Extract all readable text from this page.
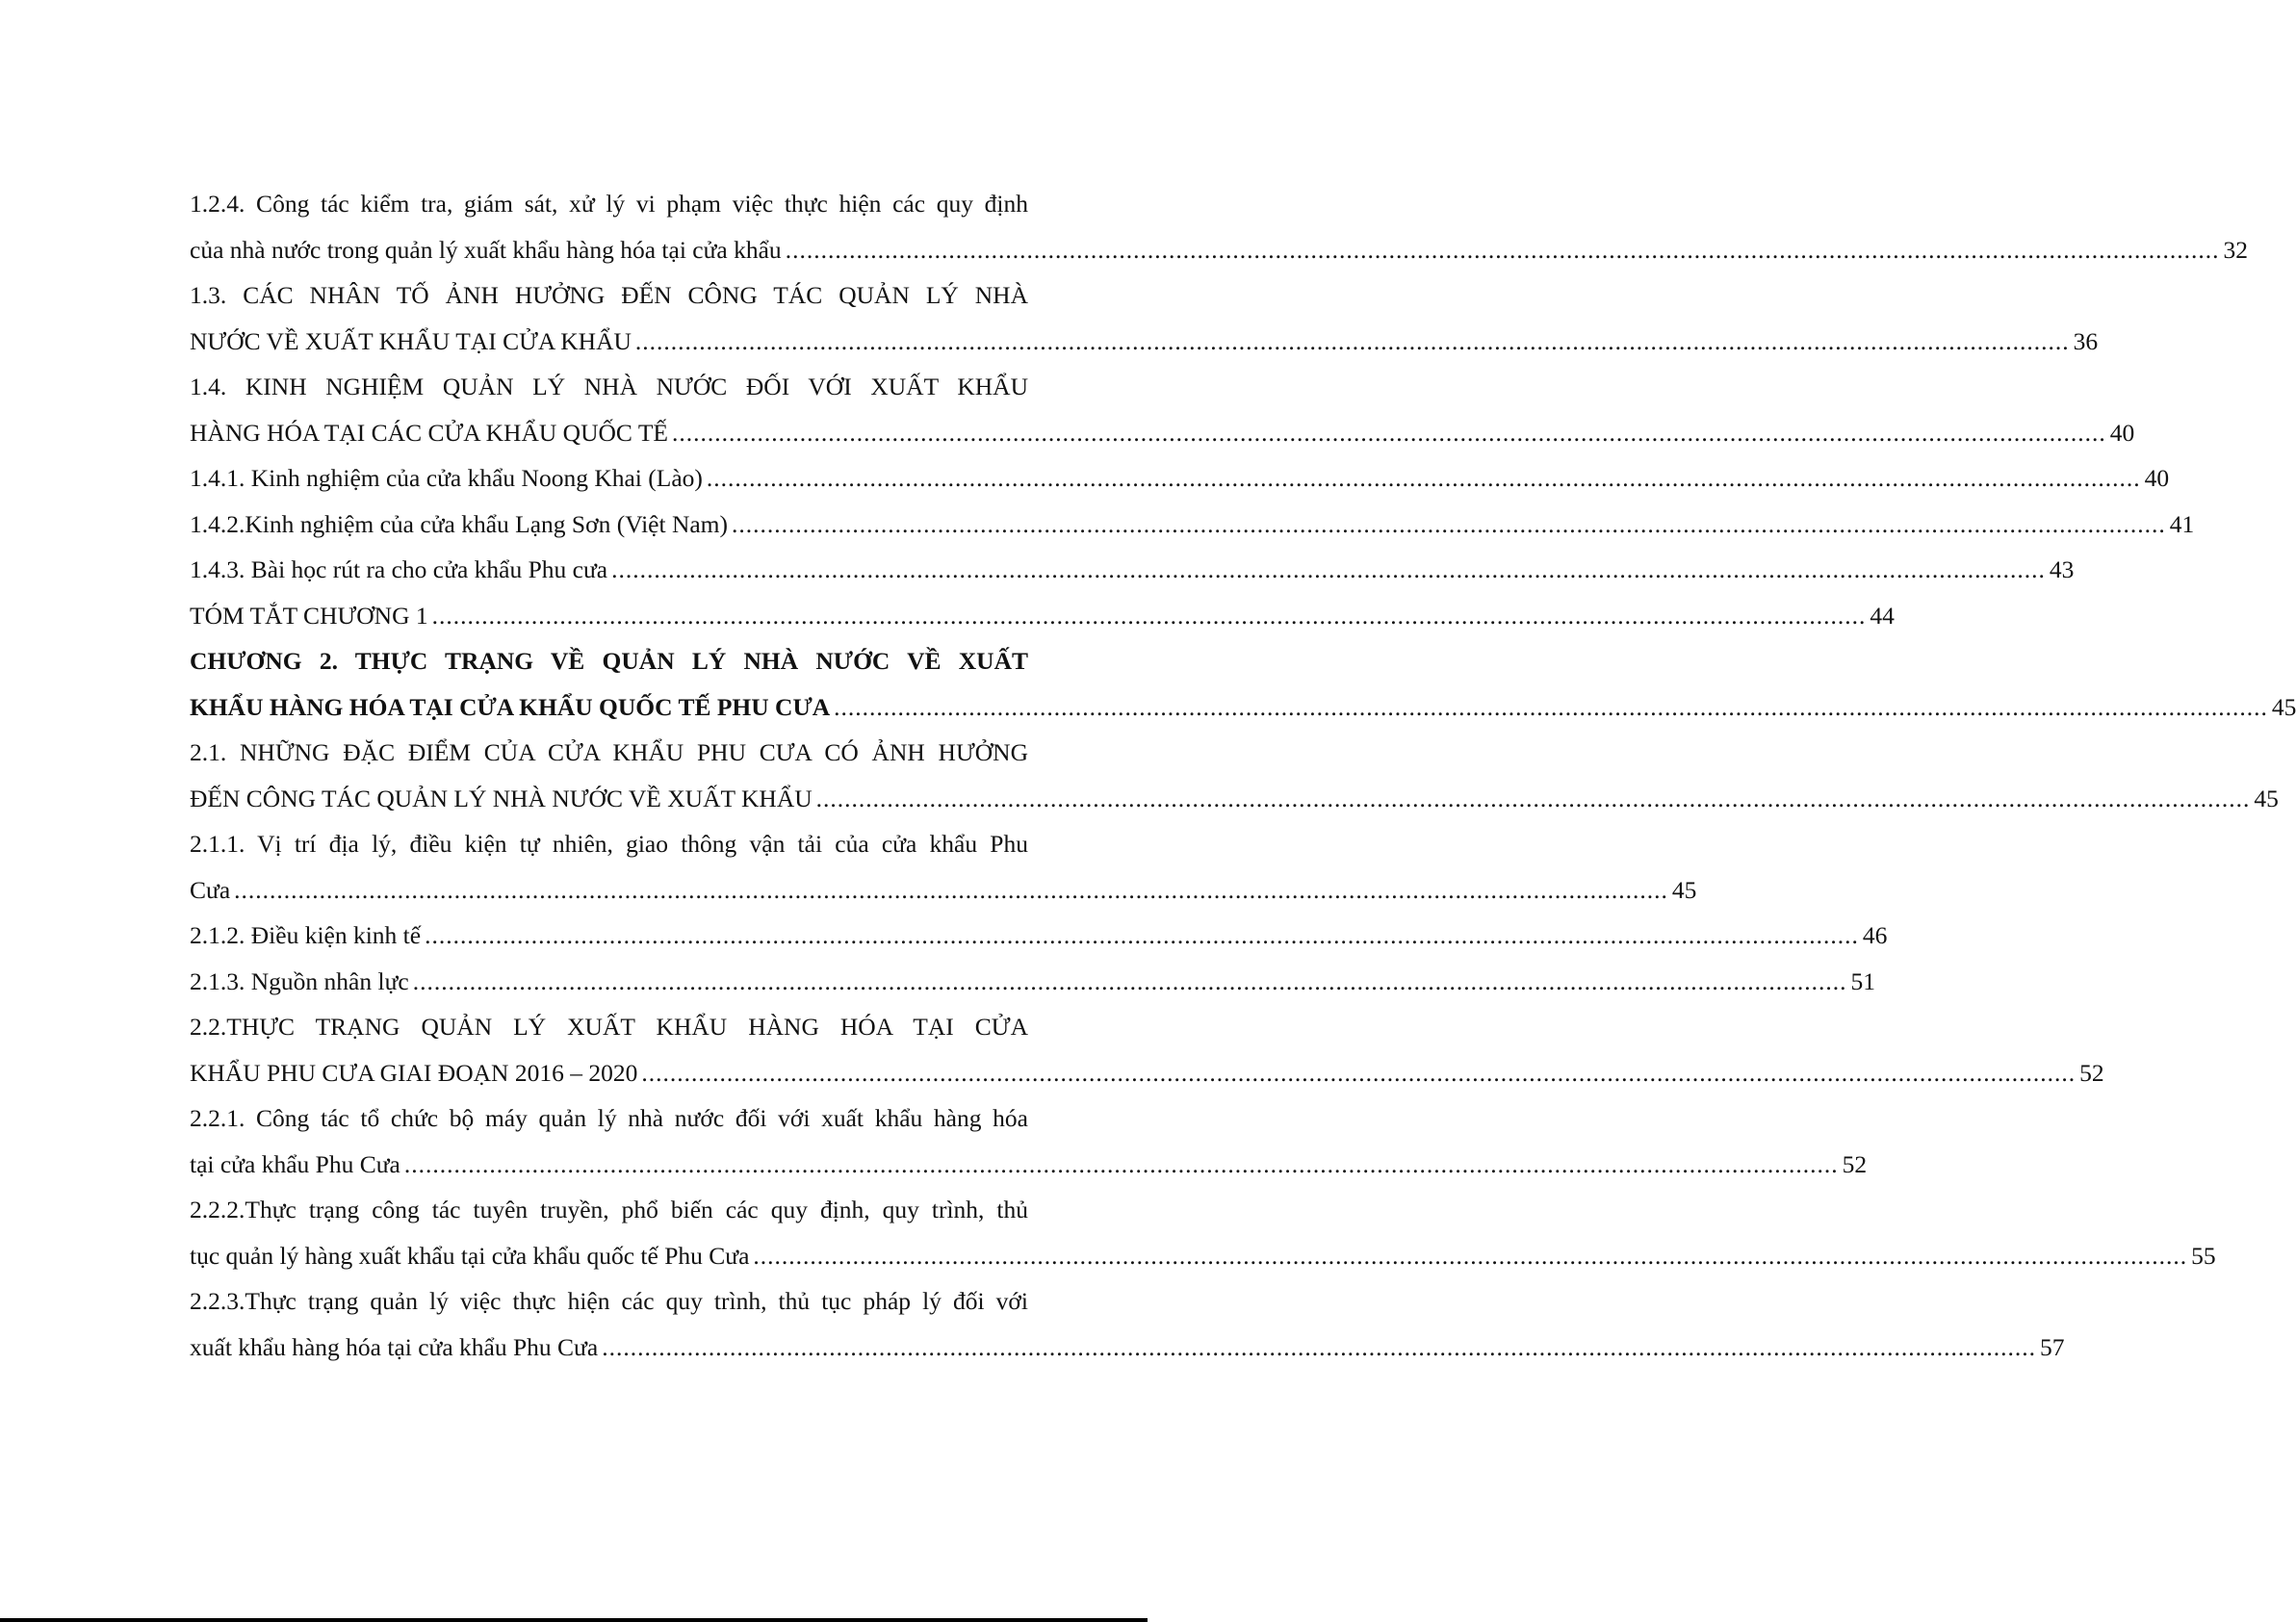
1.2.4. Công tác kiểm tra, giám sát, xử lý vi phạm việc thực hiện các quy định
của nhà nước trong quản lý xuất khẩu hàng hóa tại cửa khẩu .....	32
1.3. CÁC NHÂN TỐ ẢNH HƯỞNG ĐẾN CÔNG TÁC QUẢN LÝ NHÀ
NƯỚC VỀ XUẤT KHẨU TẠI CỬA KHẨU .....	36
1.4. KINH NGHIỆM QUẢN LÝ NHÀ NƯỚC ĐỐI VỚI XUẤT KHẨU
HÀNG HÓA TẠI CÁC CỬA KHẨU QUỐC TẾ .....	40
1.4.1. Kinh nghiệm của cửa khẩu Noong Khai (Lào) .....	40
1.4.2.Kinh nghiệm của cửa khẩu Lạng Sơn (Việt Nam) .....	41
1.4.3. Bài học rút ra cho cửa khẩu Phu cưa .....	43
TÓM TẮT CHƯƠNG 1 .....	44
CHƯƠNG 2. THỰC TRẠNG VỀ QUẢN LÝ NHÀ NƯỚC VỀ XUẤT
KHẨU HÀNG HÓA TẠI CỬA KHẨU QUỐC TẾ PHU CƯA .....	45
2.1. NHỮNG ĐẶC ĐIỂM CỦA CỬA KHẨU PHU CƯA CÓ ẢNH HƯỞNG
ĐẾN CÔNG TÁC QUẢN LÝ NHÀ NƯỚC VỀ XUẤT KHẨU .....	45
2.1.1. Vị trí địa lý, điều kiện tự nhiên, giao thông vận tải của cửa khẩu Phu
Cưa .....	45
2.1.2. Điều kiện kinh tế .....	46
2.1.3. Nguồn nhân lực .....	51
2.2.THỰC TRẠNG QUẢN LÝ XUẤT KHẨU HÀNG HÓA TẠI CỬA
KHẨU PHU CƯA GIAI ĐOẠN 2016 – 2020 .....	52
2.2.1. Công tác tổ chức bộ máy quản lý nhà nước đối với xuất khẩu hàng hóa
tại cửa khẩu Phu Cưa .....	52
2.2.2.Thực trạng công tác tuyên truyền, phổ biến các quy định, quy trình, thủ
tục quản lý hàng xuất khẩu tại cửa khẩu quốc tế Phu Cưa .....	55
2.2.3.Thực trạng quản lý việc thực hiện các quy trình, thủ tục pháp lý đối với
xuất khẩu hàng hóa tại cửa khẩu Phu Cưa .....	57
